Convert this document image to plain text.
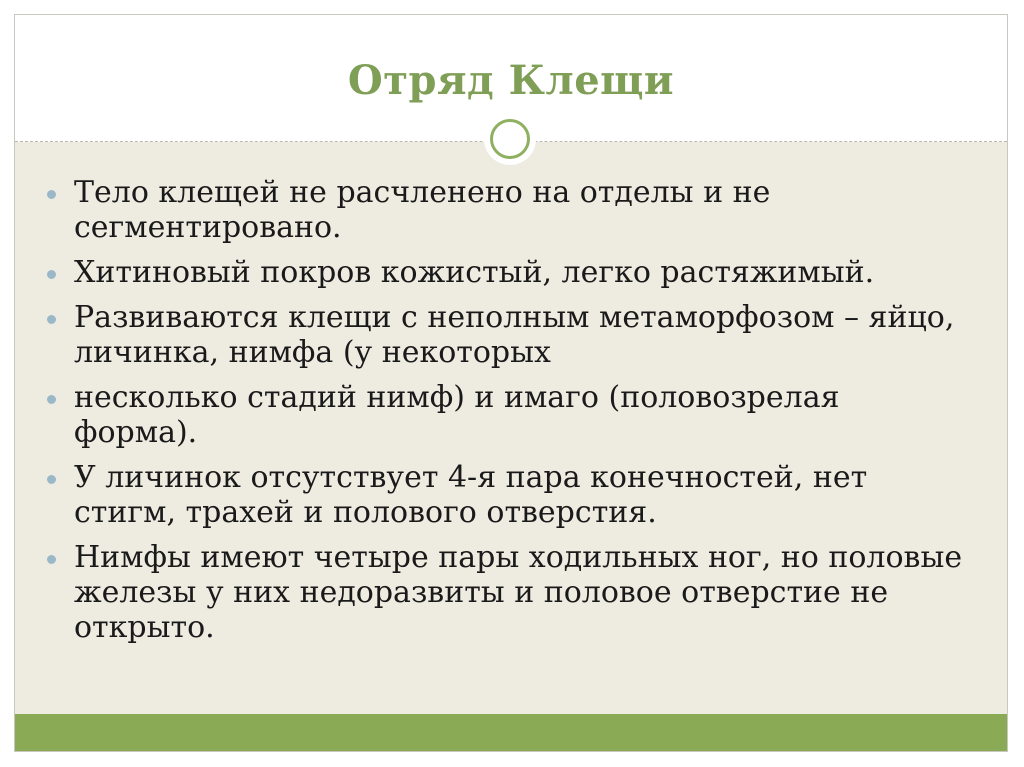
Отряд Клещи
Тело клещей не расчленено на отделы и не сегментировано.
Хитиновый покров кожистый, легко растяжимый.
Развиваются клещи с неполным метаморфозом – яйцо, личинка, нимфа (у некоторых
несколько стадий нимф) и имаго (половозрелая форма).
У личинок отсутствует 4-я пара конечностей, нет стигм, трахей и полового отверстия.
Нимфы имеют четыре пары ходильных ног, но половые железы у них недоразвиты и половое отверстие не открыто.
